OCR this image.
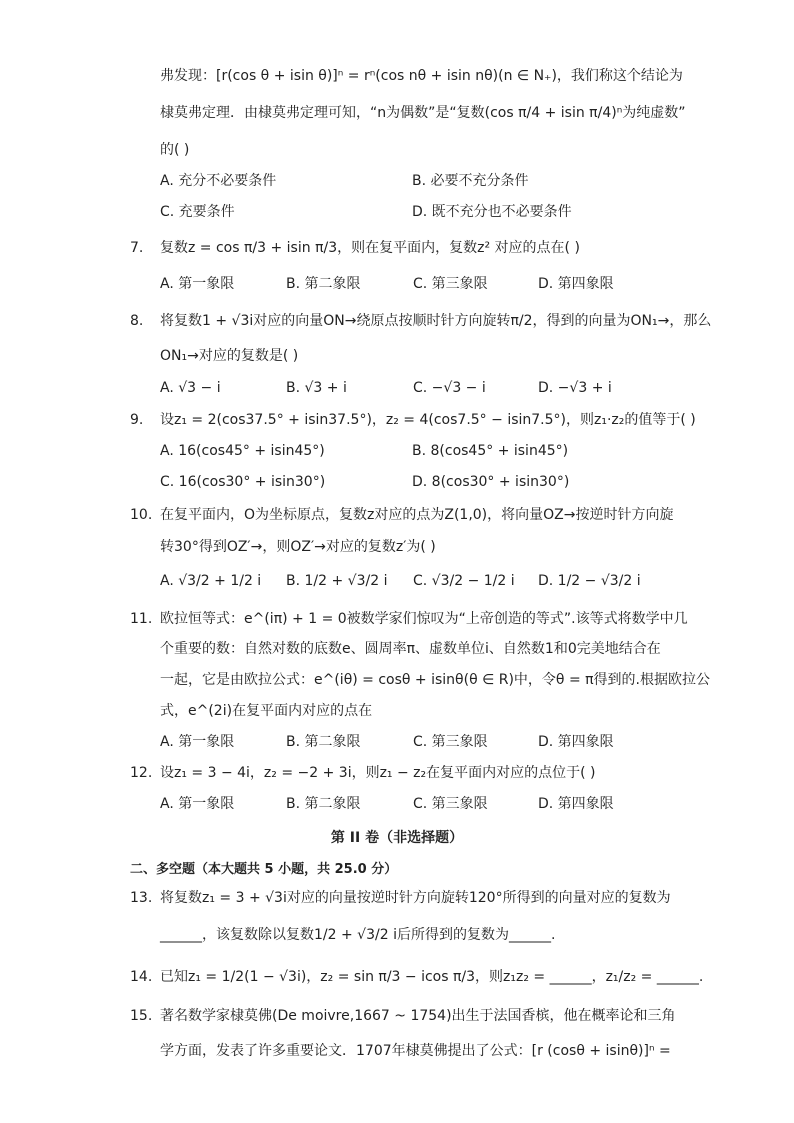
弗发现：[r(cos θ + isin θ)]ⁿ = rⁿ(cos nθ + isin nθ)(n ∈ N₊)，我们称这个结论为
棣莫弗定理．由棣莫弗定理可知，“n为偶数”是“复数(cos π/4 + isin π/4)ⁿ为纯虚数”
的( )
A. 充分不必要条件	B. 必要不充分条件
C. 充要条件	D. 既不充分也不必要条件
7. 复数z = cos π/3 + isin π/3，则在复平面内，复数z² 对应的点在( )
A. 第一象限	B. 第二象限	C. 第三象限	D. 第四象限
8. 将复数1 + √3i对应的向量ON→绕原点按顺时针方向旋转π/2，得到的向量为ON₁→，那么
ON₁→对应的复数是( )
A. √3 − i	B. √3 + i	C. −√3 − i	D. −√3 + i
9. 设z₁ = 2(cos37.5° + isin37.5°)，z₂ = 4(cos7.5° − isin7.5°)，则z₁·z₂的值等于( )
A. 16(cos45° + isin45°)	B. 8(cos45° + isin45°)
C. 16(cos30° + isin30°)	D. 8(cos30° + isin30°)
10. 在复平面内，O为坐标原点，复数z对应的点为Z(1,0)，将向量OZ→按逆时针方向旋
转30°得到OZ′→，则OZ′→对应的复数z′为( )
A. √3/2 + 1/2 i B. 1/2 + √3/2 i C. √3/2 − 1/2 i D. 1/2 − √3/2 i
11. 欧拉恒等式：e^(iπ) + 1 = 0被数学家们惊叹为“上帝创造的等式”.该等式将数学中几
个重要的数：自然对数的底数e、圆周率π、虚数单位i、自然数1和0完美地结合在
一起，它是由欧拉公式：e^(iθ) = cosθ + isinθ(θ ∈ R)中，令θ = π得到的.根据欧拉公
式，e^(2i)在复平面内对应的点在
A. 第一象限	B. 第二象限	C. 第三象限	D. 第四象限
12. 设z₁ = 3 − 4i，z₂ = −2 + 3i，则z₁ − z₂在复平面内对应的点位于( )
A. 第一象限	B. 第二象限	C. 第三象限	D. 第四象限
第 II 卷（非选择题）
二、多空题（本大题共 5 小题，共 25.0 分）
13. 将复数z₁ = 3 + √3i对应的向量按逆时针方向旋转120°所得到的向量对应的复数为
______，该复数除以复数1/2 + √3/2 i后所得到的复数为______.
14. 已知z₁ = 1/2(1 − √3i)，z₂ = sin π/3 − icos π/3，则z₁z₂ = ______，z₁/z₂ = ______.
15. 著名数学家棣莫佛(De moivre,1667 ~ 1754)出生于法国香槟，他在概率论和三角
学方面，发表了许多重要论文．1707年棣莫佛提出了公式：[r (cosθ + isinθ)]ⁿ =
